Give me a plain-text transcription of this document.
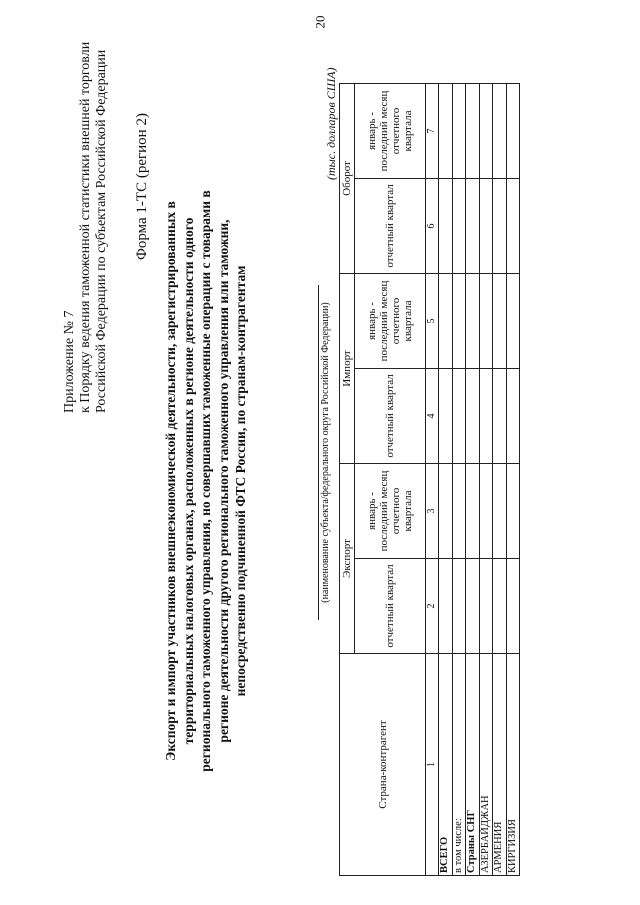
20
Приложение № 7 к Порядку ведения таможенной статистики внешней торговли Российской Федерации по субъектам Российской Федерации Форма 1-ТС (регион 2)
Экспорт и импорт участников внешнеэкономической деятельности, зарегистрированных в территориальных налоговых органах, расположенных в регионе деятельности одного регионального таможенного управления, но совершавших таможенные операции с товарами в регионе деятельности другого регионального таможенного управления или таможни, непосредственно подчиненной ФТС России, по странам-контрагентам	(наименование субъекта/федерального округа Российской Федерации)
(тыс. долларов США)
Страна-контрагент	Экспорт		Импорт		Оборот	
	отчетный квартал	январь - последний месяц отчетного квартала	отчетный квартал	январь - последний месяц отчетного квартала	отчетный квартал	январь - последний месяц отчетного квартала
1	2	3	4	5	6	7
ВСЕГО						
в том числе:						
Страны СНГ						
АЗЕРБАЙДЖАН						
АРМЕНИЯ						
КИРГИЗИЯ						
